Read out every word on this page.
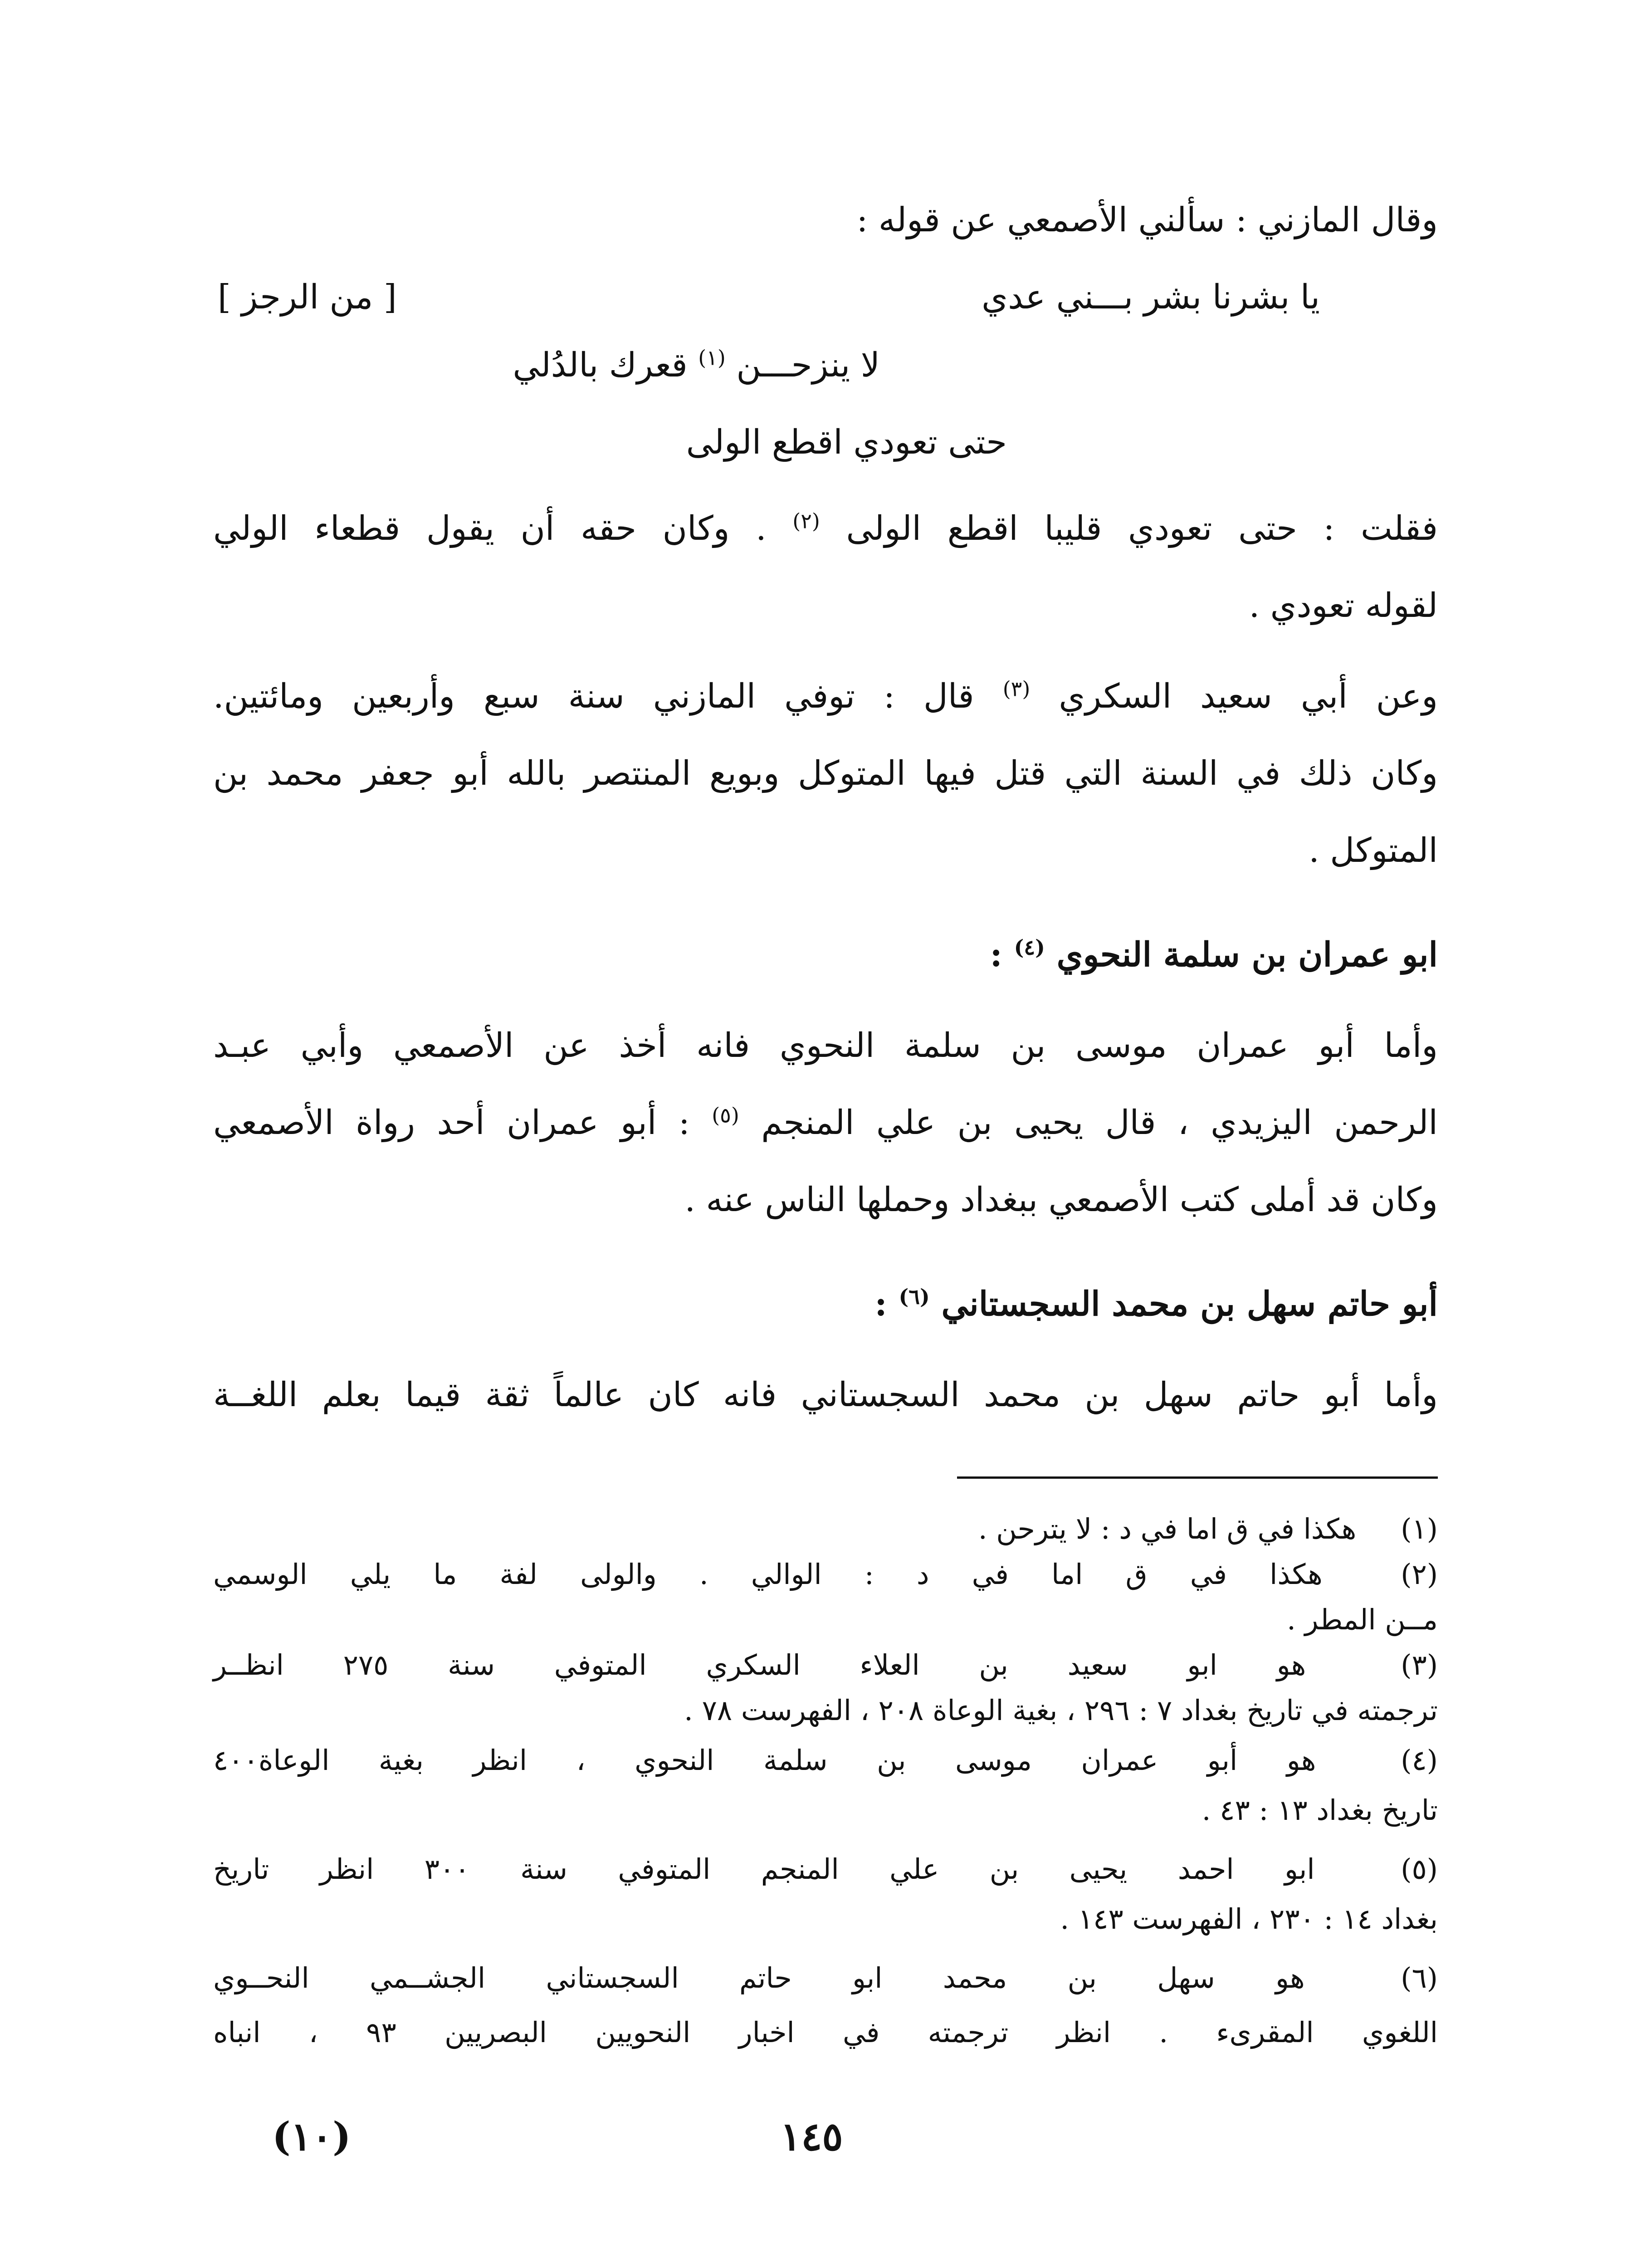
وقال المازني : سألني الأصمعي عن قوله :
يا بشرنا بشر بـــني عدي
[ من الرجز ]
لا ينزحـــن $^{(١)}$ قعرك بالدُلي
حتى تعودي اقطع الولى
فقلت : حتى تعودي قليبا اقطع الولى $^{(٢)}$ . وكان حقه أن يقول قطعاء الولي
لقوله تعودي .
وعن أبي سعيد السكري $^{(٣)}$ قال : توفي المازني سنة سبع وأربعين ومائتين.
وكان ذلك في السنة التي قتل فيها المتوكل وبويع المنتصر بالله أبو جعفر محمد بن
المتوكل .
ابو عمران بن سلمة النحوي $^{(٤)}$ :
وأما أبو عمران موسى بن سلمة النحوي فانه أخذ عن الأصمعي وأبي عبـد
الرحمن اليزيدي ، قال يحيى بن علي المنجم $^{(٥)}$ : أبو عمران أحد رواة الأصمعي
وكان قد أملى كتب الأصمعي ببغداد وحملها الناس عنه .
أبو حاتم سهل بن محمد السجستاني $^{(٦)}$ :
وأما أبو حاتم سهل بن محمد السجستاني فانه كان عالماً ثقة قيما بعلم اللغــة
(١) هكذا في ق اما في د : لا يترحن .
(٢) هكذا في ق اما في د : الوالي . والولى لفة ما يلي الوسمي
مــن المطر .
(٣) هو ابو سعيد بن العلاء السكري المتوفي سنة ٢٧٥ انظــر
ترجمته في تاريخ بغداد ٧ : ٢٩٦ ، بغية الوعاة ٢٠٨ ، الفهرست ٧٨ .
(٤) هو أبو عمران موسى بن سلمة النحوي ، انظر بغية الوعاة٤٠٠
تاريخ بغداد ١٣ : ٤٣ .
(٥) ابو احمد يحيى بن علي المنجم المتوفي سنة ٣٠٠ انظر تاريخ
بغداد ١٤ : ٢٣٠ ، الفهرست ١٤٣ .
(٦) هو سهل بن محمد ابو حاتم السجستاني الجشــمي النحــوي
اللغوي المقرىء . انظر ترجمته في اخبار النحويين البصريين ٩٣ ، انباه
١٤٥
(١٠)
